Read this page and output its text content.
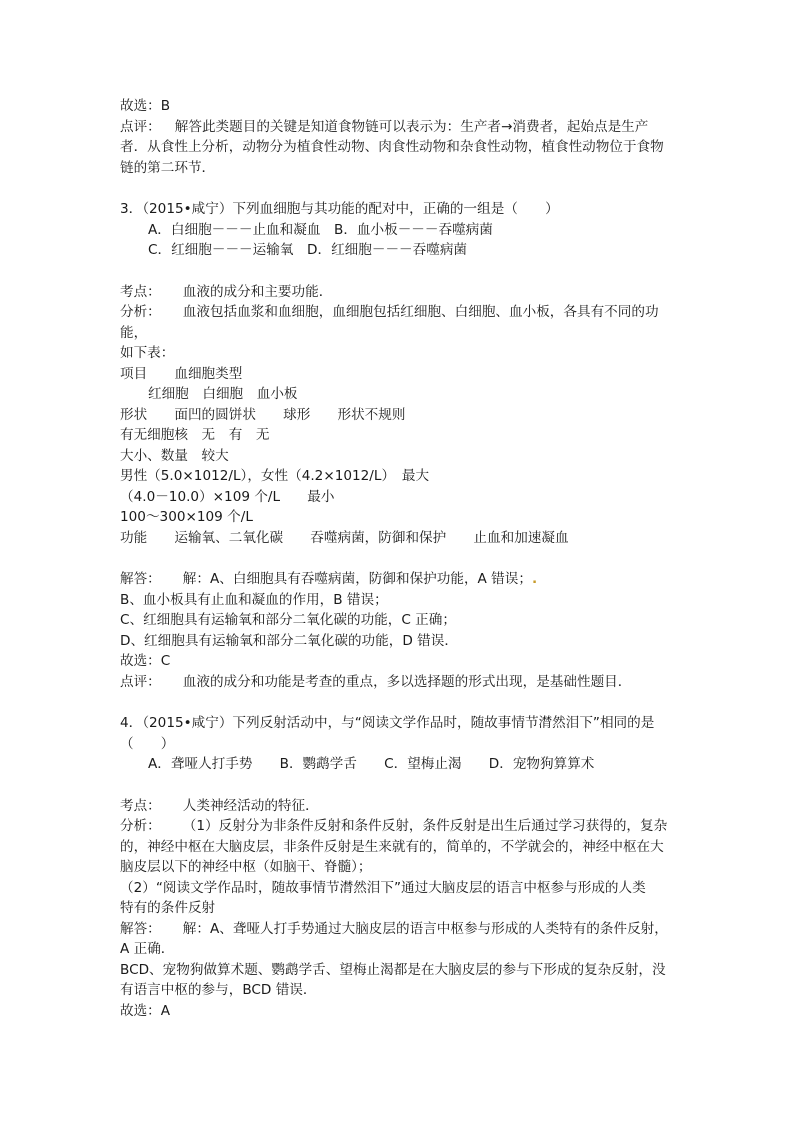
故选：B

点评： 解答此类题目的关键是知道食物链可以表示为：生产者→消费者，起始点是生产

者．从食性上分析，动物分为植食性动物、肉食性动物和杂食性动物，植食性动物位于食物

链的第二环节．

3．（2015•咸宁）下列血细胞与其功能的配对中，正确的一组是（　　）

A．白细胞－－－止血和凝血　B．血小板－－－吞噬病菌

C．红细胞－－－运输氧　D．红细胞－－－吞噬病菌

考点： 血液的成分和主要功能．

分析： 血液包括血浆和血细胞，血细胞包括红细胞、白细胞、血小板，各具有不同的功能，

如下表：

项目　　血细胞类型

红细胞　白细胞　血小板

形状　　面凹的圆饼状　　球形　　形状不规则

有无细胞核　无　有　无

大小、数量　较大

男性（5.0×1012/L），女性（4.2×1012/L）　最大

（4.0－10.0）×109 个/L　　最小

100～300×109 个/L

功能　　运输氧、二氧化碳　　吞噬病菌，防御和保护　　止血和加速凝血

解答： 解：A、白细胞具有吞噬病菌，防御和保护功能，A 错误；.

B、血小板具有止血和凝血的作用，B 错误；

C、红细胞具有运输氧和部分二氧化碳的功能，C 正确；

D、红细胞具有运输氧和部分二氧化碳的功能，D 错误．

故选：C

点评： 血液的成分和功能是考查的重点，多以选择题的形式出现，是基础性题目．

4．（2015•咸宁）下列反射活动中，与“阅读文学作品时，随故事情节潸然泪下”相同的是

（　　）

A．聋哑人打手势　　B．鹦鹉学舌　　C．望梅止渴　　D．宠物狗算算术

考点： 人类神经活动的特征．

分析： （1）反射分为非条件反射和条件反射，条件反射是出生后通过学习获得的，复杂

的，神经中枢在大脑皮层，非条件反射是生来就有的，简单的，不学就会的，神经中枢在大

脑皮层以下的神经中枢（如脑干、脊髓）；

（2）“阅读文学作品时，随故事情节潸然泪下”通过大脑皮层的语言中枢参与形成的人类

特有的条件反射

解答： 解：A、聋哑人打手势通过大脑皮层的语言中枢参与形成的人类特有的条件反射，

A 正确．

BCD、宠物狗做算术题、鹦鹉学舌、望梅止渴都是在大脑皮层的参与下形成的复杂反射，没

有语言中枢的参与，BCD 错误．

故选：A
